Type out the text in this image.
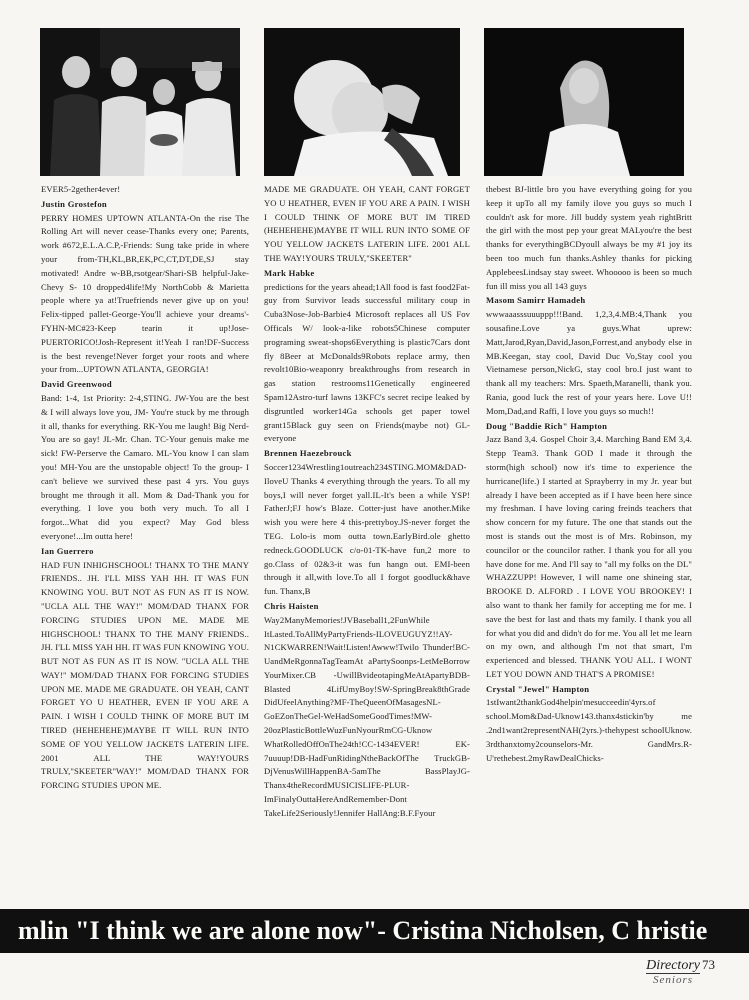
EVER5-2gether4ever!

Justin Grostefon

PERRY HOMES UPTOWN ATLANTA-On the rise The Rolling Art will never cease-Thanks every one; Parents, work #672,E.L.A.C.P,-Friends: Sung take pride in where your from-TH,KL,BR,EK,PC,CT,DT,DE,SJ stay motivated! Andre w-BB,rsotgear/Shari-SB helpful-Jake-Chevy S- 10 dropped4life!My NorthCobb & Marietta people where ya at!Truefriends never give up on you! Felix-tipped pallet-George-You'll achieve your dreams'-FYHN-MC#23-Keep tearin it up!Jose-PUERTORICO!Josh-Represent it!Yeah I ran!DF-Success is the best revenge!Never forget your roots and where your from...UPTOWN ATLANTA, GEORGIA!

David Greenwood

Band: 1-4, 1st Priority: 2-4,STING. JW-You are the best & I will always love you, JM- You're stuck by me through it all, thanks for everything. RK-You me laugh! Big Nerd-You are so gay! JL-Mr. Chan. TC-Your genuis make me sick! FW-Perserve the Camaro. ML-You know I can slam you! MH-You are the unstopable object! To the group- I can't believe we survived these past 4 yrs. You guys brought me through it all. Mom & Dad-Thank you for everything. I love you both very much. To all I forgot...What did you expect? May God bless everyone!...Im outta here!

Ian Guerrero

HAD FUN INHIGHSCHOOL! THANX TO THE MANY FRIENDS.. JH. I'LL MISS YAH HH. IT WAS FUN KNOWING YOU. BUT NOT AS FUN AS IT IS NOW. "UCLA ALL THE WAY!" MOM/DAD THANX FOR FORCING STUDIES UPON ME. MADE ME HIGHSCHOOL! THANX TO THE MANY FRIENDS.. JH. I'LL MISS YAH HH. IT WAS FUN KNOWING YOU. BUT NOT AS FUN AS IT IS NOW. "UCLA ALL THE WAY!" MOM/DAD THANX FOR FORCING STUDIES UPON ME. MADE ME GRADUATE. OH YEAH, CANT FORGET YO U HEATHER, EVEN IF YOU ARE A PAIN. I WISH I COULD THINK OF MORE BUT IM TIRED (HEHEHEHE)MAYBE IT WILL RUN INTO SOME OF YOU YELLOW JACKETS LATERIN LIFE. 2001 ALL THE WAY!YOURS TRULY,"SKEETER"WAY!" MOM/DAD THANX FOR FORCING STUDIES UPON ME.

MADE ME GRADUATE. OH YEAH, CANT FORGET YO U HEATHER, EVEN IF YOU ARE A PAIN. I WISH I COULD THINK OF MORE BUT IM TIRED (HEHEHEHE)MAYBE IT WILL RUN INTO SOME OF YOU YELLOW JACKETS LATERIN LIFE. 2001 ALL THE WAY!YOURS TRULY,"SKEETER"

Mark Habke

predictions for the years ahead;1All food is fast food2Fat-guy from Survivor leads successful military coup in Cuba3Nose-Job-Barbie4 Microsoft replaces all US Fov Officals W/ look-a-like robots5Chinese computer programing sweat-shops6Everything is plastic7Cars dont fly 8Beer at McDonalds9Robots replace army, then revolt10Bio-weaponry breakthroughs from research in gas station restrooms11Genetically engineered Spam12Astro-turf lawns 13KFC's secret recipe leaked by disgruntled worker14Ga schools get paper towel grant15Black guy seen on Friends(maybe not) GL-everyone

Brennen Haezebrouck

Soccer1234Wrestling1outreach234STING.MOM&DAD-IloveU Thanks 4 everything through the years. To all my boys,I will never forget yall.IL-It's been a while YSP! FatherJ;FJ how's Blaze. Cotter-just have another.Mike wish you were here 4 this-prettyboy.JS-never forget the TEG. Lolo-is mom outta town.EarlyBird.ole ghetto redneck.GOODLUCK c/o-01-TK-have fun,2 more to go.Class of 02&3-it was fun hangn out. EMI-been through it all,with love.To all I forgot goodluck&have fun. Thanx,B

Chris Haisten

Way2ManyMemories!JVBaseball1,2FunWhile ItLasted.ToAllMyPartyFriends-ILOVEUGUYZ!!AY-N1CKWARREN!Wait!Listen!Awww!Twilo Thunder!BC-UandMeRgonnaTagTeamAt aPartySoonps-LetMeBorrow YourMixer.CB -UwillBvideotapingMeAtApartyBDB-Blasted 4LifUmyBoy!SW-SpringBreak8thGrade DidUfeelAnything?MF-TheQueenOfMasagesNL-GoEZonTheGel-WeHadSomeGoodTimes!MW-20ozPlasticBottleWuzFunNyourRmCG-Uknow WhatRolledOffOnThe24th!CC-1434EVER! EK-7uuuup!DB-HadFunRidingNtheBackOfThe TruckGB-DjVenusWillHappenBA-5amThe BassPlayJG-Thanx4theRecordMUSICISLIFE-PLUR-ImFinalyOuttaHereAndRemember-Dont TakeLife2Seriously!Jennifer HallAng:B.F.Fyour

thebest BJ-little bro you have everything going for you keep it upTo all my family ilove you guys so much I couldn't ask for more. Jill buddy system yeah rightBritt the girl with the most pep your great MALyou're the best thanks for everythingBCDyoull always be my #1 joy its been too much fun thanks.Ashley thanks for picking ApplebeesLindsay stay sweet. Whooooo is been so much fun ill miss you all 143 guys

Masom Samirr Hamadeh

wwwaaasssuuuppp!!!Band. 1,2,3,4.MB:4,Thank you sousafine.Love ya guys.What uprew: Matt,Jarod,Ryan,David,Jason,Forrest,and anybody else in MB.Keegan, stay cool, David Duc Vo,Stay cool you Vietnamese person,NickG, stay cool bro.I just want to thank all my teachers: Mrs. Spaeth,Maranelli, thank you. Rania, good luck the rest of your years here. Love U!! Mom,Dad,and Raffi, I love you guys so much!!

Doug "Baddie Rich" Hampton

Jazz Band 3,4. Gospel Choir 3,4. Marching Band EM 3,4. Stepp Team3. Thank GOD I made it through the storm(high school) now it's time to experience the hurricane(life.) I started at Sprayberry in my Jr. year but already I have been accepted as if I have been here since my freshman. I have loving caring freinds teachers that show concern for my future. The one that stands out the most is stands out the most is of Mrs. Robinson, my councilor or the councilor rather. I thank you for all you have done for me. And I'll say to "all my folks on the DL" WHAZZUPP! However, I will name one shineing star, BROOKE D. ALFORD . I LOVE YOU BROOKEY! I also want to thank her family for accepting me for me. I save the best for last and thats my family. I thank you all for what you did and didn't do for me. You all let me learn on my own, and although I'm not that smart, I'm experienced and blessed. THANK YOU ALL. I WONT LET YOU DOWN AND THAT'S A PROMISE!

Crystal "Jewel" Hampton

1stIwant2thankGod4helpin'mesucceedin'4yrs.of school.Mom&Dad-Uknow143.thanx4stickin'by me .2nd1want2representNAH(2yrs.)-thehypest schoolUknow. 3rdthanxtomy2counselors-Mr. GandMrs.R-U'rethebest.2myRawDealChicks-

mlin "I think we are alone now"- Cristina Nicholsen, C hristie
Directory 73
Seniors
